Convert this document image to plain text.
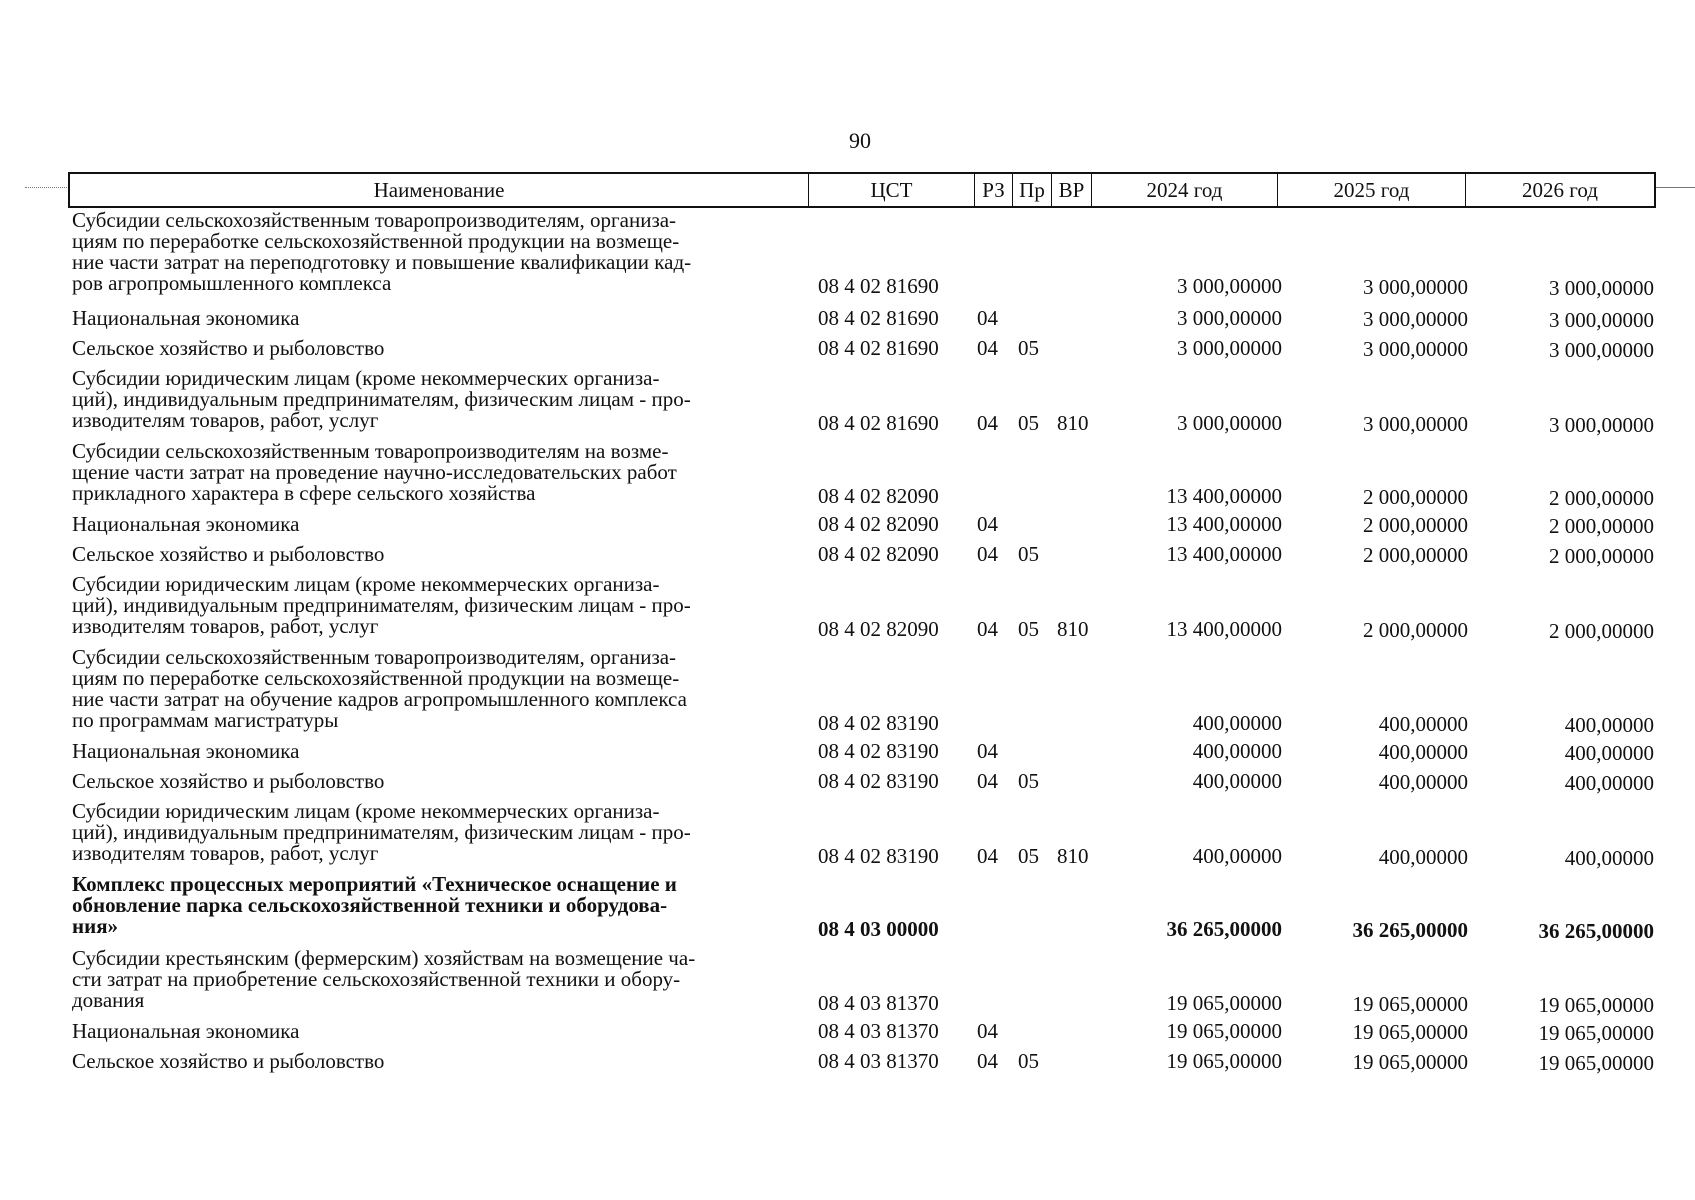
90
Наименование	ЦСТ	РЗ Пр ВР	2024 год	2025 год	2026 год
Субсидии сельскохозяйственным товаропроизводителям, организа-
циям по переработке сельскохозяйственной продукции на возмеще-
ние части затрат на переподготовку и повышение квалификации кад-
ров агропромышленного комплекса	08 4 02 81690	3 000,00000	3 000,00000	3 000,00000
Национальная экономика	08 4 02 81690 04	3 000,00000	3 000,00000	3 000,00000
Сельское хозяйство и рыболовство	08 4 02 81690 04 05	3 000,00000	3 000,00000	3 000,00000
Субсидии юридическим лицам (кроме некоммерческих организа-
ций), индивидуальным предпринимателям, физическим лицам - про-
изводителям товаров, работ, услуг	08 4 02 81690 04 05 810	3 000,00000	3 000,00000	3 000,00000
Субсидии сельскохозяйственным товаропроизводителям на возме-
щение части затрат на проведение научно-исследовательских работ
прикладного характера в сфере сельского хозяйства	08 4 02 82090	13 400,00000	2 000,00000	2 000,00000
Национальная экономика	08 4 02 82090 04	13 400,00000	2 000,00000	2 000,00000
Сельское хозяйство и рыболовство	08 4 02 82090 04 05	13 400,00000	2 000,00000	2 000,00000
Субсидии юридическим лицам (кроме некоммерческих организа-
ций), индивидуальным предпринимателям, физическим лицам - про-
изводителям товаров, работ, услуг	08 4 02 82090 04 05 810	13 400,00000	2 000,00000	2 000,00000
Субсидии сельскохозяйственным товаропроизводителям, организа-
циям по переработке сельскохозяйственной продукции на возмеще-
ние части затрат на обучение кадров агропромышленного комплекса
по программам магистратуры	08 4 02 83190	400,00000	400,00000	400,00000
Национальная экономика	08 4 02 83190 04	400,00000	400,00000	400,00000
Сельское хозяйство и рыболовство	08 4 02 83190 04 05	400,00000	400,00000	400,00000
Субсидии юридическим лицам (кроме некоммерческих организа-
ций), индивидуальным предпринимателям, физическим лицам - про-
изводителям товаров, работ, услуг	08 4 02 83190 04 05 810	400,00000	400,00000	400,00000
Комплекс процессных мероприятий «Техническое оснащение и
обновление парка сельскохозяйственной техники и оборудова-
ния»	08 4 03 00000	36 265,00000	36 265,00000	36 265,00000
Субсидии крестьянским (фермерским) хозяйствам на возмещение ча-
сти затрат на приобретение сельскохозяйственной техники и обору-
дования	08 4 03 81370	19 065,00000	19 065,00000	19 065,00000
Национальная экономика	08 4 03 81370 04	19 065,00000	19 065,00000	19 065,00000
Сельское хозяйство и рыболовство	08 4 03 81370 04 05	19 065,00000	19 065,00000	19 065,00000
